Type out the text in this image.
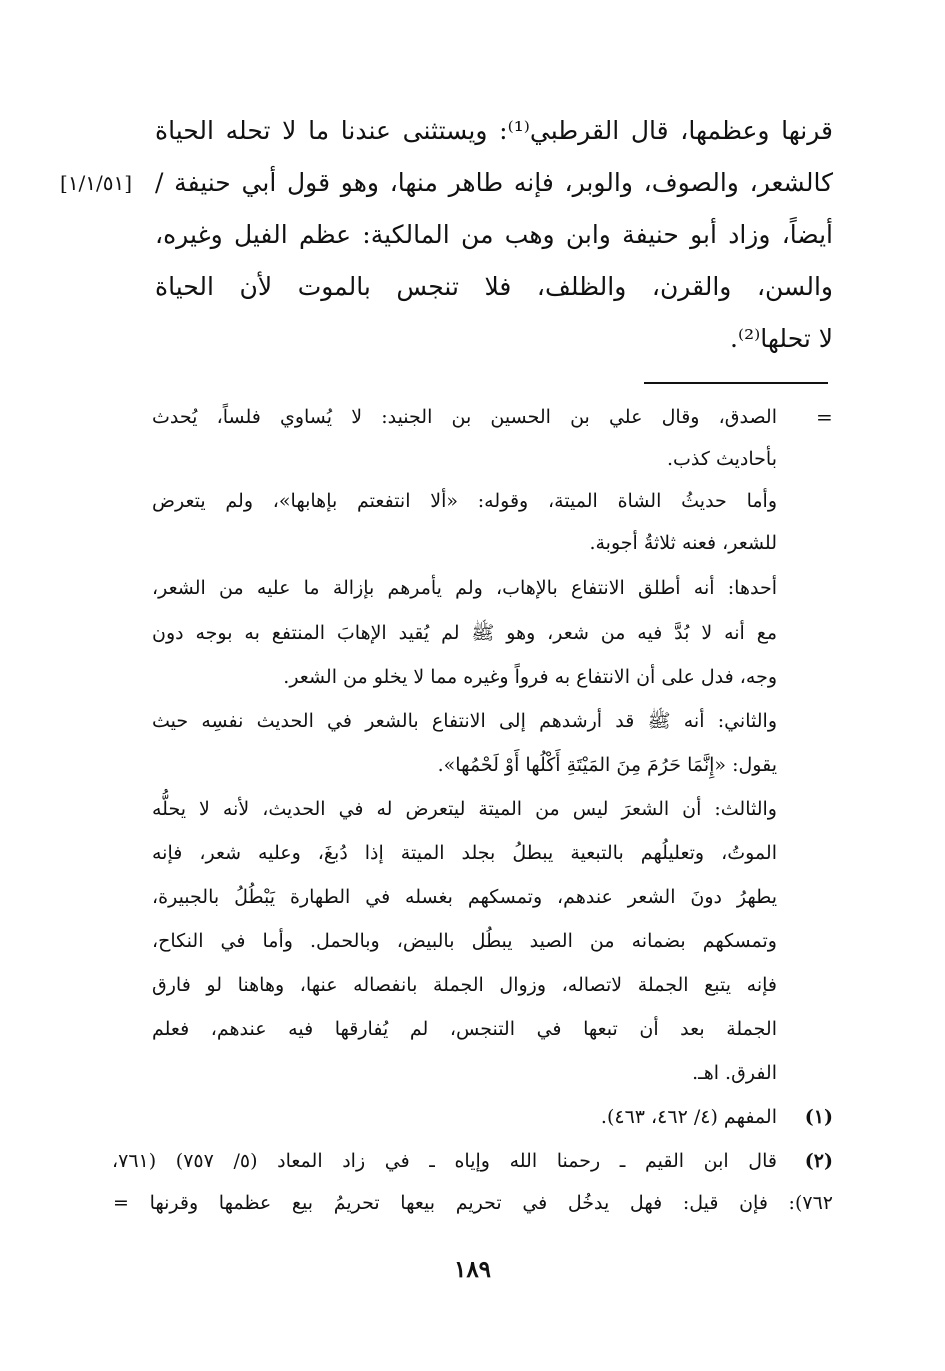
قرنها وعظمها، قال القرطبي⁽¹⁾: ويستثنى عندنا ما لا تحله الحياة
كالشعر، والصوف، والوبر، فإنه طاهر منها، وهو قول أبي حنيفة /
أيضاً، وزاد أبو حنيفة وابن وهب من المالكية: عظم الفيل وغيره،
والسن، والقرن، والظلف، فلا تنجس بالموت لأن الحياة
لا تحلها⁽²⁾.
[١/١/٥١]
=
الصدق، وقال علي بن الحسين بن الجنيد: لا يُساوي فلساً، يُحدث
بأحاديث كذب.
وأما حديثُ الشاة الميتة، وقوله: «ألا انتفعتم بإهابها»، ولم يتعرض
للشعر، فعنه ثلاثةُ أجوبة.
أحدها: أنه أطلق الانتفاع بالإهاب، ولم يأمرهم بإزالة ما عليه من الشعر،
مع أنه لا بُدَّ فيه من شعر، وهو ﷺ لم يُقيد الإهابَ المنتفع به بوجه دون
وجه، فدل على أن الانتفاع به فرواً وغيره مما لا يخلو من الشعر.
والثاني: أنه ﷺ قد أرشدهم إلى الانتفاع بالشعر في الحديث نفسِه حيث
يقول: «إِنَّمَا حَرُمَ مِنَ المَيْتَةِ أَكْلُها أَوْ لَحْمُها».
والثالث: أن الشعرَ ليس من الميتة ليتعرض له في الحديث، لأنه لا يحلُّه
الموتُ، وتعليلُهم بالتبعية يبطلُ بجلد الميتة إذا دُبغَ، وعليه شعر، فإنه
يطهرُ دونَ الشعر عندهم، وتمسكهم بغسله في الطهارة يَبْطُلُ بالجبيرة،
وتمسكهم بضمانه من الصيد يبطُل بالبيض، وبالحمل. وأما في النكاح،
فإنه يتبع الجملة لاتصاله، وزوال الجملة بانفصاله عنها، وهاهنا لو فارق
الجملة بعد أن تبعها في التنجس، لم يُفارقها فيه عندهم، فعلم
الفرق. اهـ.
(١)
المفهم (٤/ ٤٦٢، ٤٦٣).
(٢)
قال ابن القيم ـ رحمنا الله وإياه ـ في زاد المعاد (٥/ ٧٥٧) (٧٦١،
٧٦٢): فإن قيل: فهل يدخُل في تحريم بيعها تحريمُ بيع عظمها وقرنها =
١٨٩
